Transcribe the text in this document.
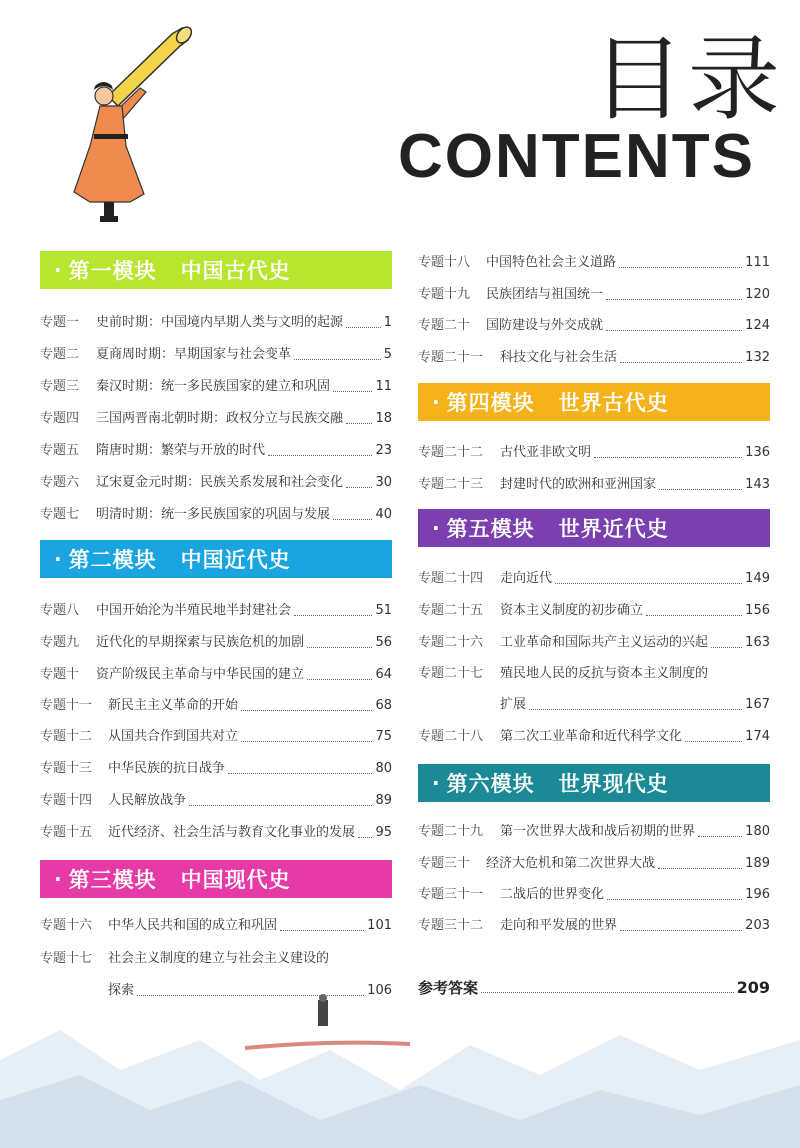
目录
CONTENTS
· 第一模块 中国古代史
专题一	史前时期：中国境内早期人类与文明的起源	1
专题二	夏商周时期：早期国家与社会变革	5
专题三	秦汉时期：统一多民族国家的建立和巩固	11
专题四	三国两晋南北朝时期：政权分立与民族交融 18
专题五	隋唐时期：繁荣与开放的时代	23
专题六	辽宋夏金元时期：民族关系发展和社会变化 30
专题七	明清时期：统一多民族国家的巩固与发展	40
· 第二模块 中国近代史
专题八	中国开始沦为半殖民地半封建社会	51
专题九	近代化的早期探索与民族危机的加剧	56
专题十	资产阶级民主革命与中华民国的建立	64
专题十一	新民主主义革命的开始	68
专题十二	从国共合作到国共对立	75
专题十三	中华民族的抗日战争	80
专题十四	人民解放战争	89
专题十五	近代经济、社会生活与教育文化事业的发展 95
· 第三模块 中国现代史
专题十六	中华人民共和国的成立和巩固	101
专题十七	社会主义制度的建立与社会主义建设的
探索	106
专题十八	中国特色社会主义道路	111
专题十九	民族团结与祖国统一	120
专题二十	国防建设与外交成就	124
专题二十一	科技文化与社会生活	132
· 第四模块 世界古代史
专题二十二	古代亚非欧文明	136
专题二十三	封建时代的欧洲和亚洲国家	143
· 第五模块 世界近代史
专题二十四	走向近代	149
专题二十五	资本主义制度的初步确立	156
专题二十六	工业革命和国际共产主义运动的兴起	163
专题二十七	殖民地人民的反抗与资本主义制度的
扩展	167
专题二十八	第二次工业革命和近代科学文化	174
· 第六模块 世界现代史
专题二十九	第一次世界大战和战后初期的世界	180
专题三十	经济大危机和第二次世界大战	189
专题三十一	二战后的世界变化	196
专题三十二	走向和平发展的世界	203
参考答案	209
